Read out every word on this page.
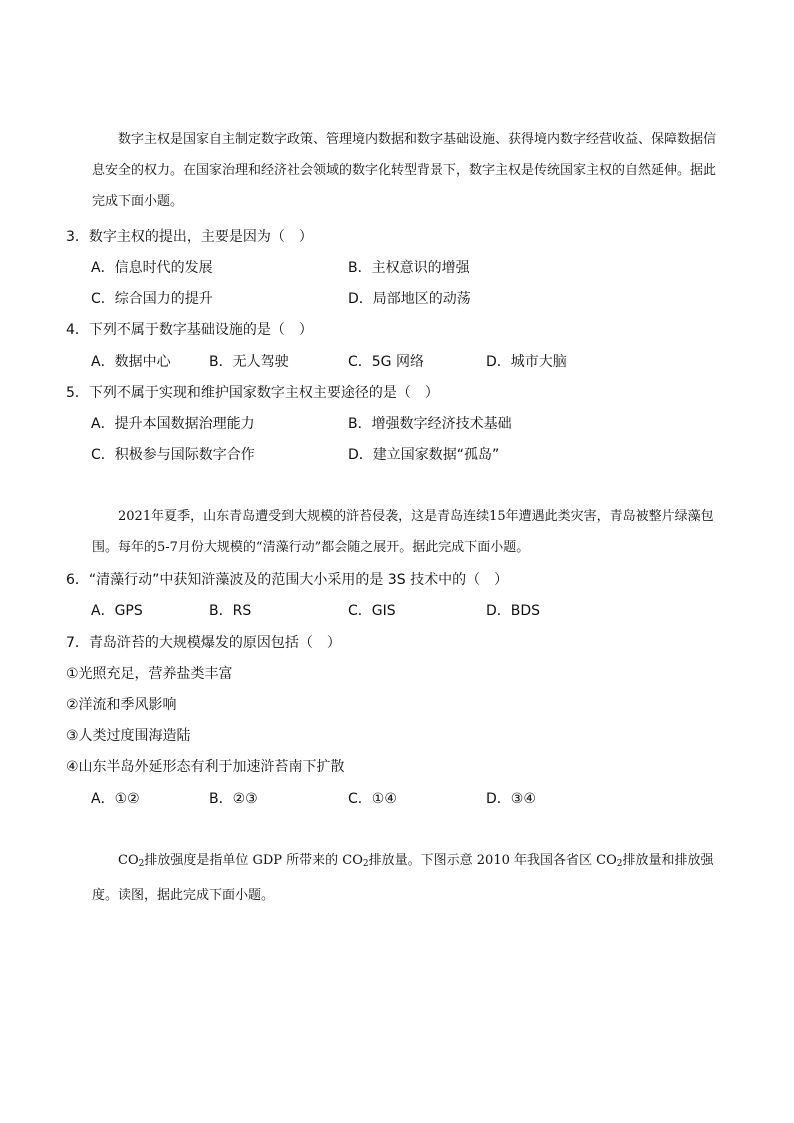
数字主权是国家自主制定数字政策、管理境内数据和数字基础设施、获得境内数字经营收益、保障数据信息安全的权力。在国家治理和经济社会领域的数字化转型背景下，数字主权是传统国家主权的自然延伸。据此完成下面小题。
3．数字主权的提出，主要是因为（　）
A．信息时代的发展	B．主权意识的增强
C．综合国力的提升	D．局部地区的动荡
4．下列不属于数字基础设施的是（　）
A．数据中心	B．无人驾驶	C．5G 网络	D．城市大脑
5．下列不属于实现和维护国家数字主权主要途径的是（　）
A．提升本国数据治理能力	B．增强数字经济技术基础
C．积极参与国际数字合作	D．建立国家数据“孤岛”
2021年夏季，山东青岛遭受到大规模的浒苔侵袭，这是青岛连续15年遭遇此类灾害，青岛被整片绿藻包围。每年的5-7月份大规模的“清藻行动”都会随之展开。据此完成下面小题。
6．“清藻行动”中获知浒藻波及的范围大小采用的是 3S 技术中的（　）
A．GPS	B．RS	C．GIS	D．BDS
7．青岛浒苔的大规模爆发的原因包括（　）
①光照充足，营养盐类丰富
②洋流和季风影响
③人类过度围海造陆
④山东半岛外延形态有利于加速浒苔南下扩散
A．①②	B．②③	C．①④	D．③④
$CO_2$排放强度是指单位 GDP 所带来的 $CO_2$排放量。下图示意 2010 年我国各省区 $CO_2$排放量和排放强度。读图，据此完成下面小题。
